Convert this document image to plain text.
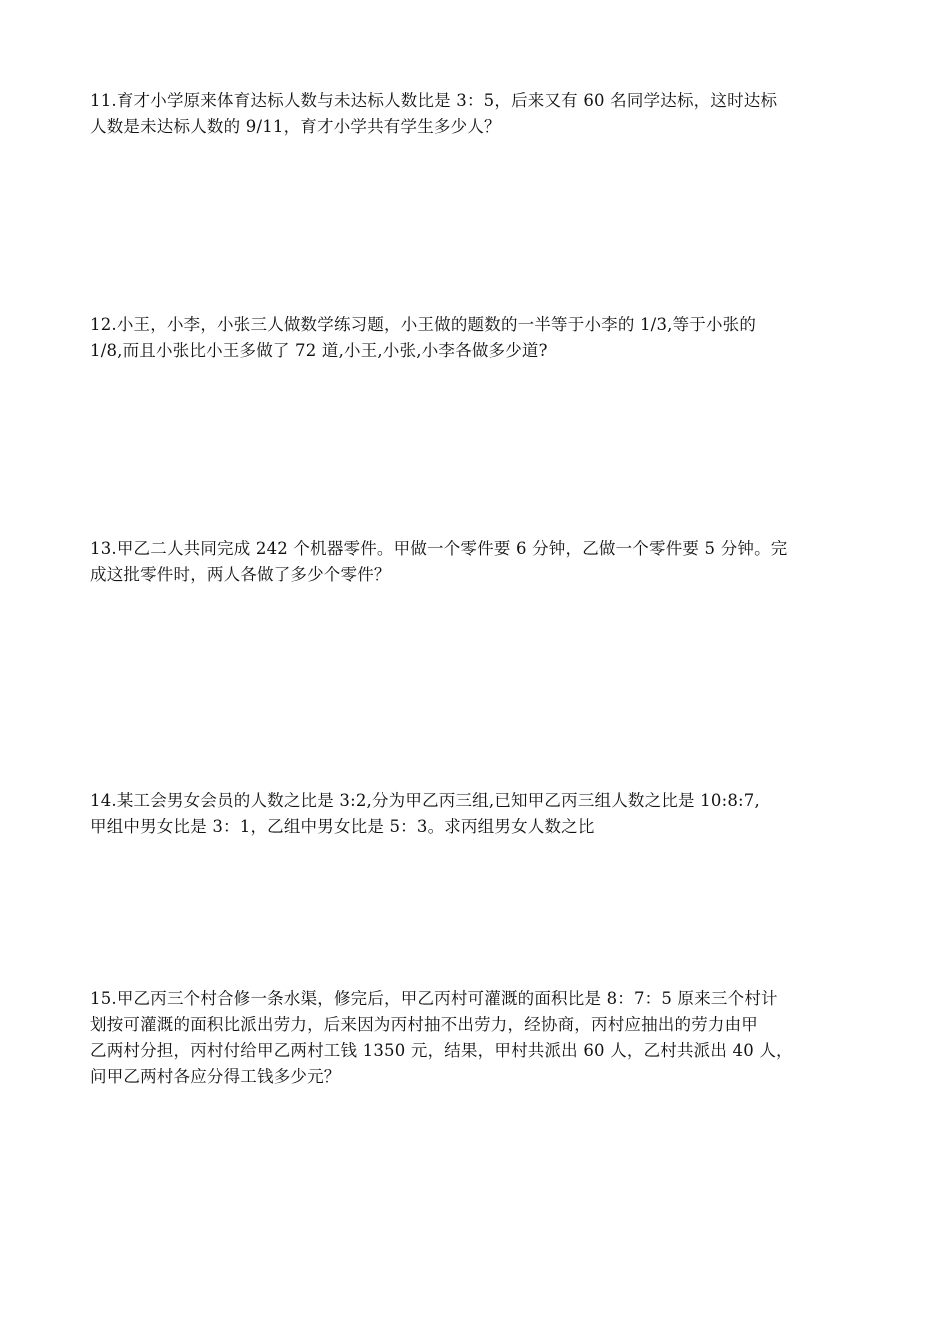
11.育才小学原来体育达标人数与未达标人数比是 3：5，后来又有 60 名同学达标，这时达标
人数是未达标人数的 9/11，育才小学共有学生多少人？
12.小王，小李，小张三人做数学练习题，小王做的题数的一半等于小李的 1/3,等于小张的
1/8,而且小张比小王多做了 72 道,小王,小张,小李各做多少道?
13.甲乙二人共同完成 242 个机器零件。甲做一个零件要 6 分钟，乙做一个零件要 5 分钟。完
成这批零件时，两人各做了多少个零件？
14.某工会男女会员的人数之比是 3:2,分为甲乙丙三组,已知甲乙丙三组人数之比是 10:8:7,
甲组中男女比是 3：1，乙组中男女比是 5：3。求丙组男女人数之比
15.甲乙丙三个村合修一条水渠，修完后，甲乙丙村可灌溉的面积比是 8：7：5 原来三个村计
划按可灌溉的面积比派出劳力，后来因为丙村抽不出劳力，经协商，丙村应抽出的劳力由甲
乙两村分担，丙村付给甲乙两村工钱 1350 元，结果，甲村共派出 60 人，乙村共派出 40 人，
问甲乙两村各应分得工钱多少元？
